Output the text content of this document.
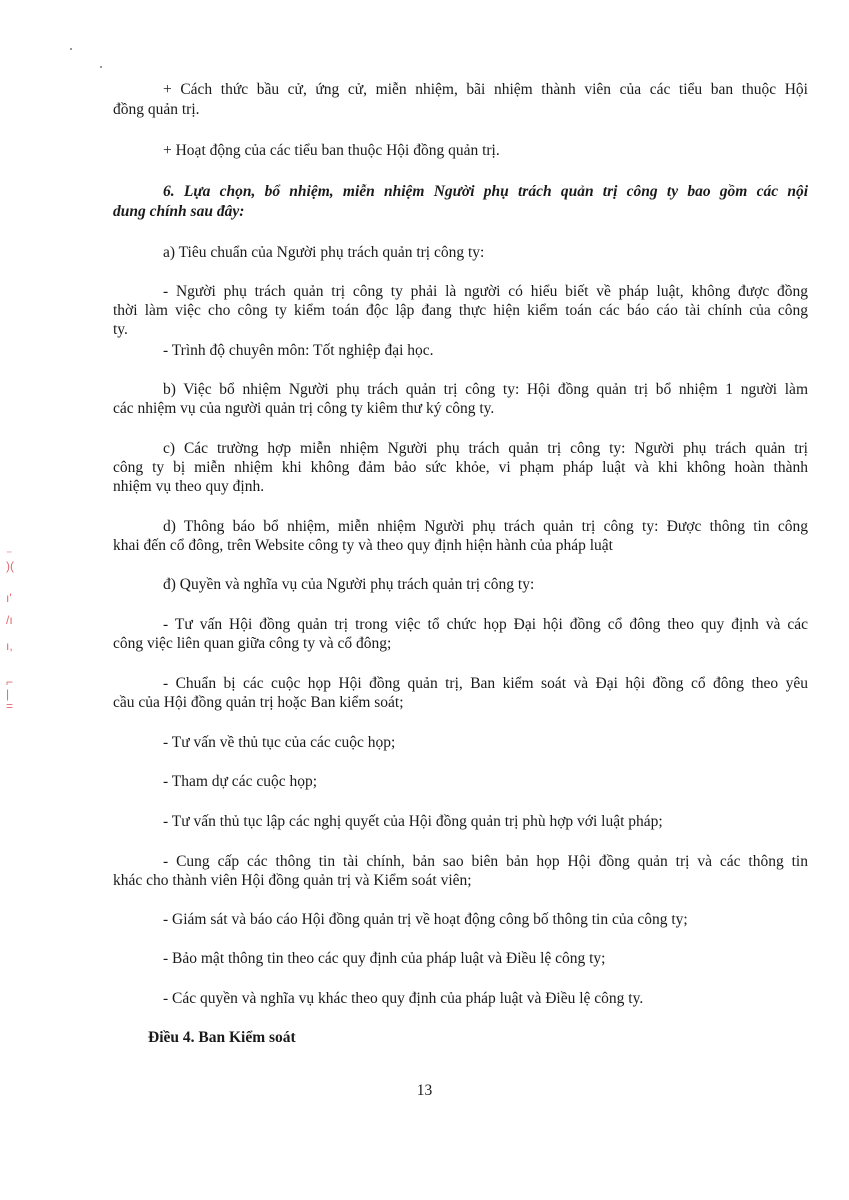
+ Cách thức bầu cử, ứng cử, miễn nhiệm, bãi nhiệm thành viên của các tiểu ban thuộc Hội

đồng quản trị.

+ Hoạt động của các tiểu ban thuộc Hội đồng quản trị.

6. Lựa chọn, bổ nhiệm, miễn nhiệm Người phụ trách quản trị công ty bao gồm các nội

dung chính sau đây:

a) Tiêu chuẩn của Người phụ trách quản trị công ty:

- Người phụ trách quản trị công ty phải là người có hiểu biết về pháp luật, không được đồng

thời làm việc cho công ty kiểm toán độc lập đang thực hiện kiểm toán các báo cáo tài chính của công

ty.

- Trình độ chuyên môn: Tốt nghiệp đại học.

b) Việc bổ nhiệm Người phụ trách quản trị công ty: Hội đồng quản trị bổ nhiệm 1 người làm

các nhiệm vụ của người quản trị công ty kiêm thư ký công ty.

c) Các trường hợp miễn nhiệm Người phụ trách quản trị công ty: Người phụ trách quản trị

công ty bị miễn nhiệm khi không đảm bảo sức khỏe, vi phạm pháp luật và khi không hoàn thành

nhiệm vụ theo quy định.

d) Thông báo bổ nhiệm, miễn nhiệm Người phụ trách quản trị công ty: Được thông tin công

khai đến cổ đông, trên Website công ty và theo quy định hiện hành của pháp luật

đ) Quyền và nghĩa vụ của Người phụ trách quản trị công ty:

- Tư vấn Hội đồng quản trị trong việc tổ chức họp Đại hội đồng cổ đông theo quy định và các

công việc liên quan giữa công ty và cổ đông;

- Chuẩn bị các cuộc họp Hội đồng quản trị, Ban kiểm soát và Đại hội đồng cổ đông theo yêu

cầu của Hội đồng quản trị hoặc Ban kiểm soát;

- Tư vấn về thủ tục của các cuộc họp;

- Tham dự các cuộc họp;

- Tư vấn thủ tục lập các nghị quyết của Hội đồng quản trị phù hợp với luật pháp;

- Cung cấp các thông tin tài chính, bản sao biên bản họp Hội đồng quản trị và các thông tin

khác cho thành viên Hội đồng quản trị và Kiểm soát viên;

- Giám sát và báo cáo Hội đồng quản trị về hoạt động công bố thông tin của công ty;

- Bảo mật thông tin theo các quy định của pháp luật và Điều lệ công ty;

- Các quyền và nghĩa vụ khác theo quy định của pháp luật và Điều lệ công ty.

Điều 4. Ban Kiểm soát

13
⁻
)(
ı'
/ı
ı,
⌐
|
=
